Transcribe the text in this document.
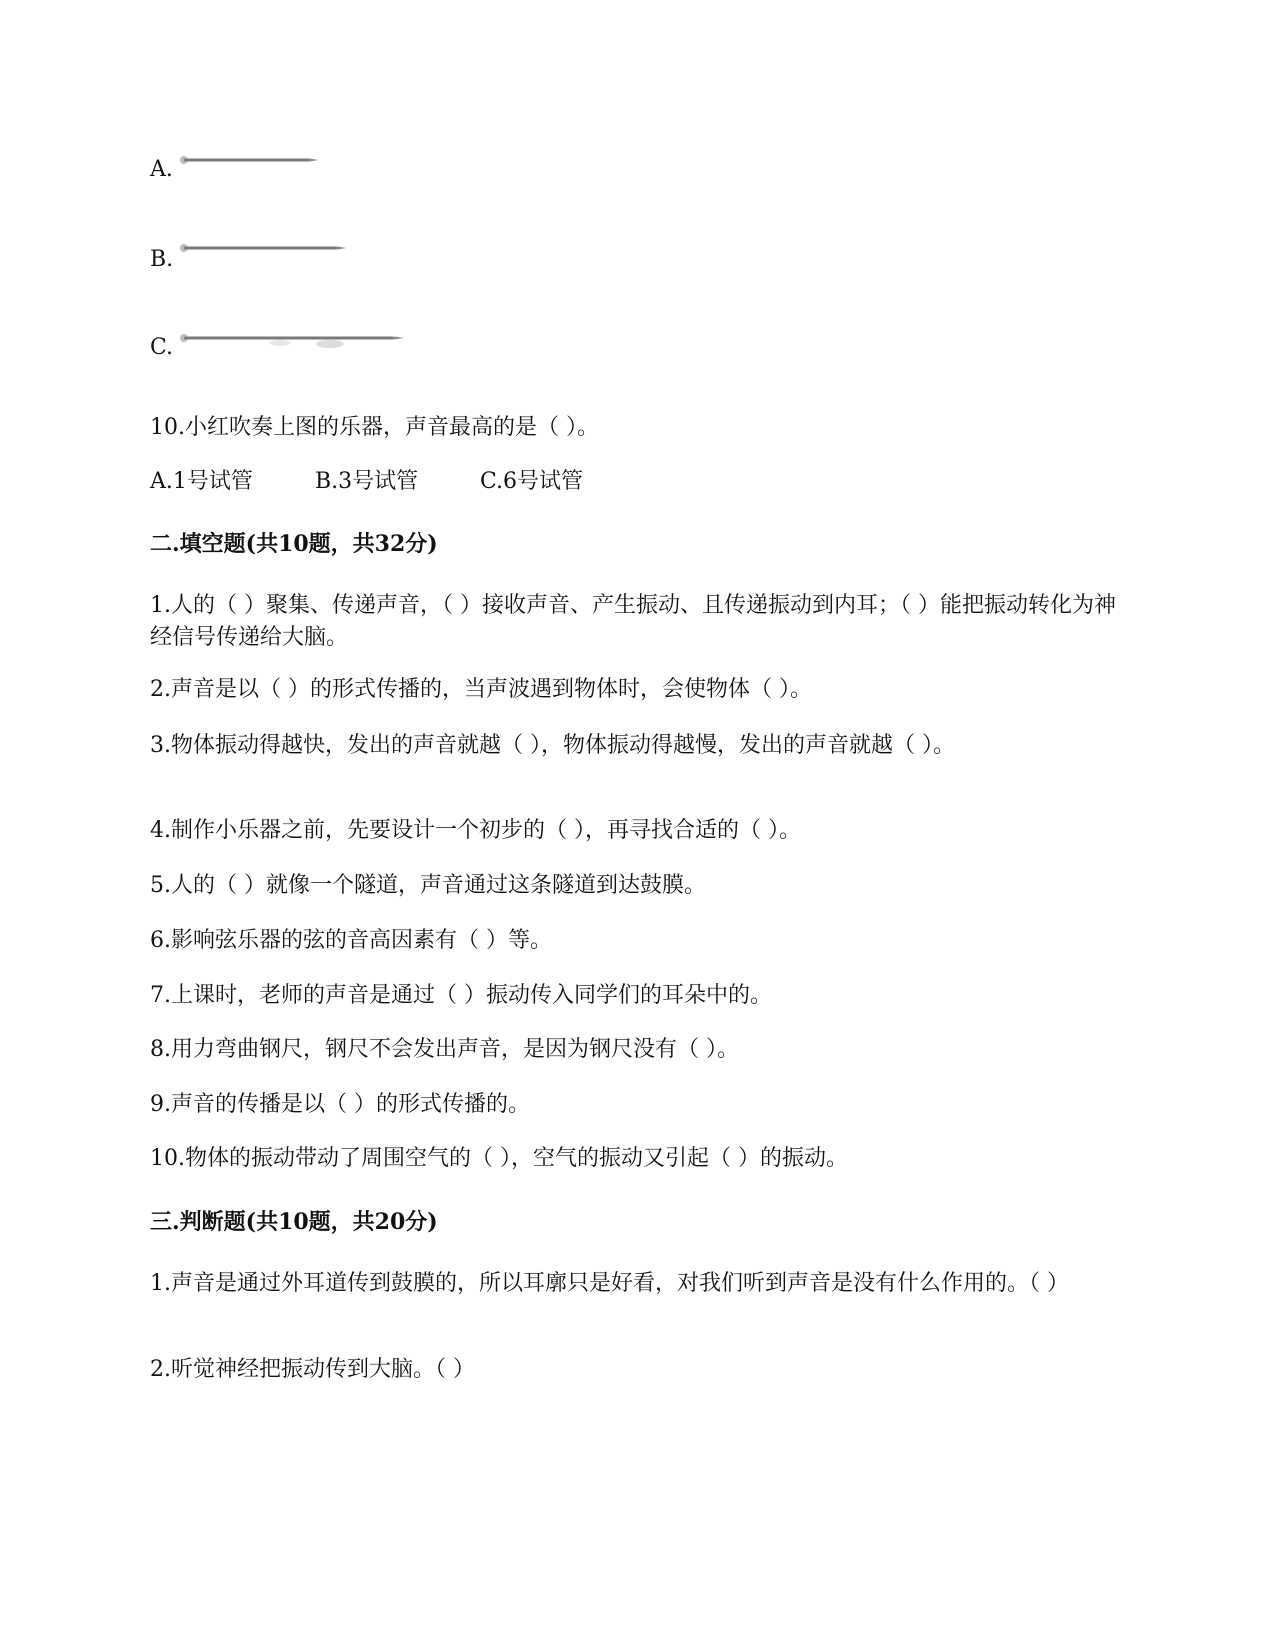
A.
B.
C.
10.小红吹奏上图的乐器，声音最高的是（ ）。
A.1号试管	B.3号试管	C.6号试管
二.填空题(共10题，共32分)
1.人的（ ）聚集、传递声音，（ ）接收声音、产生振动、且传递振动到内耳；（ ）能把振动转化为神经信号传递给大脑。
2.声音是以（ ）的形式传播的，当声波遇到物体时，会使物体（ ）。
3.物体振动得越快，发出的声音就越（ ），物体振动得越慢，发出的声音就越（ ）。
4.制作小乐器之前，先要设计一个初步的（ ），再寻找合适的（ ）。
5.人的（ ）就像一个隧道，声音通过这条隧道到达鼓膜。
6.影响弦乐器的弦的音高因素有（ ）等。
7.上课时，老师的声音是通过（ ）振动传入同学们的耳朵中的。
8.用力弯曲钢尺，钢尺不会发出声音，是因为钢尺没有（ ）。
9.声音的传播是以（ ）的形式传播的。
10.物体的振动带动了周围空气的（ ），空气的振动又引起（ ）的振动。
三.判断题(共10题，共20分)
1.声音是通过外耳道传到鼓膜的，所以耳廓只是好看，对我们听到声音是没有什么作用的。（ ）
2.听觉神经把振动传到大脑。（ ）
